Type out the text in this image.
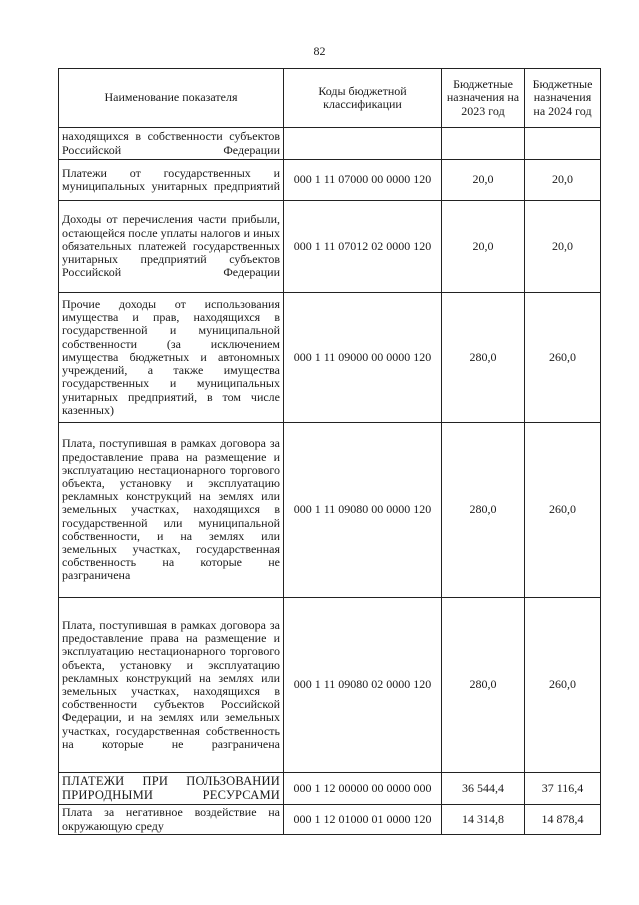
82
Наименование показателя	Коды бюджетной классификации	Бюджетные назначения на 2023 год	Бюджетные назначения на 2024 год
находящихся в собственности субъектов Российской Федерации			
Платежи от государственных и муниципальных унитарных предприятий	000 1 11 07000 00 0000 120	20,0	20,0
Доходы от перечисления части прибыли, остающейся после уплаты налогов и иных обязательных платежей государственных унитарных предприятий субъектов Российской Федерации	000 1 11 07012 02 0000 120	20,0	20,0
Прочие доходы от использования имущества и прав, находящихся в государственной и муниципальной собственности (за исключением имущества бюджетных и автономных учреждений, а также имущества государственных и муниципальных унитарных предприятий, в том числе казенных)	000 1 11 09000 00 0000 120	280,0	260,0
Плата, поступившая в рамках договора за предоставление права на размещение и эксплуатацию нестационарного торгового объекта, установку и эксплуатацию рекламных конструкций на землях или земельных участках, находящихся в государственной или муниципальной собственности, и на землях или земельных участках, государственная собственность на которые не разграничена	000 1 11 09080 00 0000 120	280,0	260,0
Плата, поступившая в рамках договора за предоставление права на размещение и эксплуатацию нестационарного торгового объекта, установку и эксплуатацию рекламных конструкций на землях или земельных участках, находящихся в собственности субъектов Российской Федерации, и на землях или земельных участках, государственная собственность на которые не разграничена	000 1 11 09080 02 0000 120	280,0	260,0
ПЛАТЕЖИ ПРИ ПОЛЬЗОВАНИИ ПРИРОДНЫМИ РЕСУРСАМИ	000 1 12 00000 00 0000 000	36 544,4	37 116,4
Плата за негативное воздействие на окружающую среду	000 1 12 01000 01 0000 120	14 314,8	14 878,4
